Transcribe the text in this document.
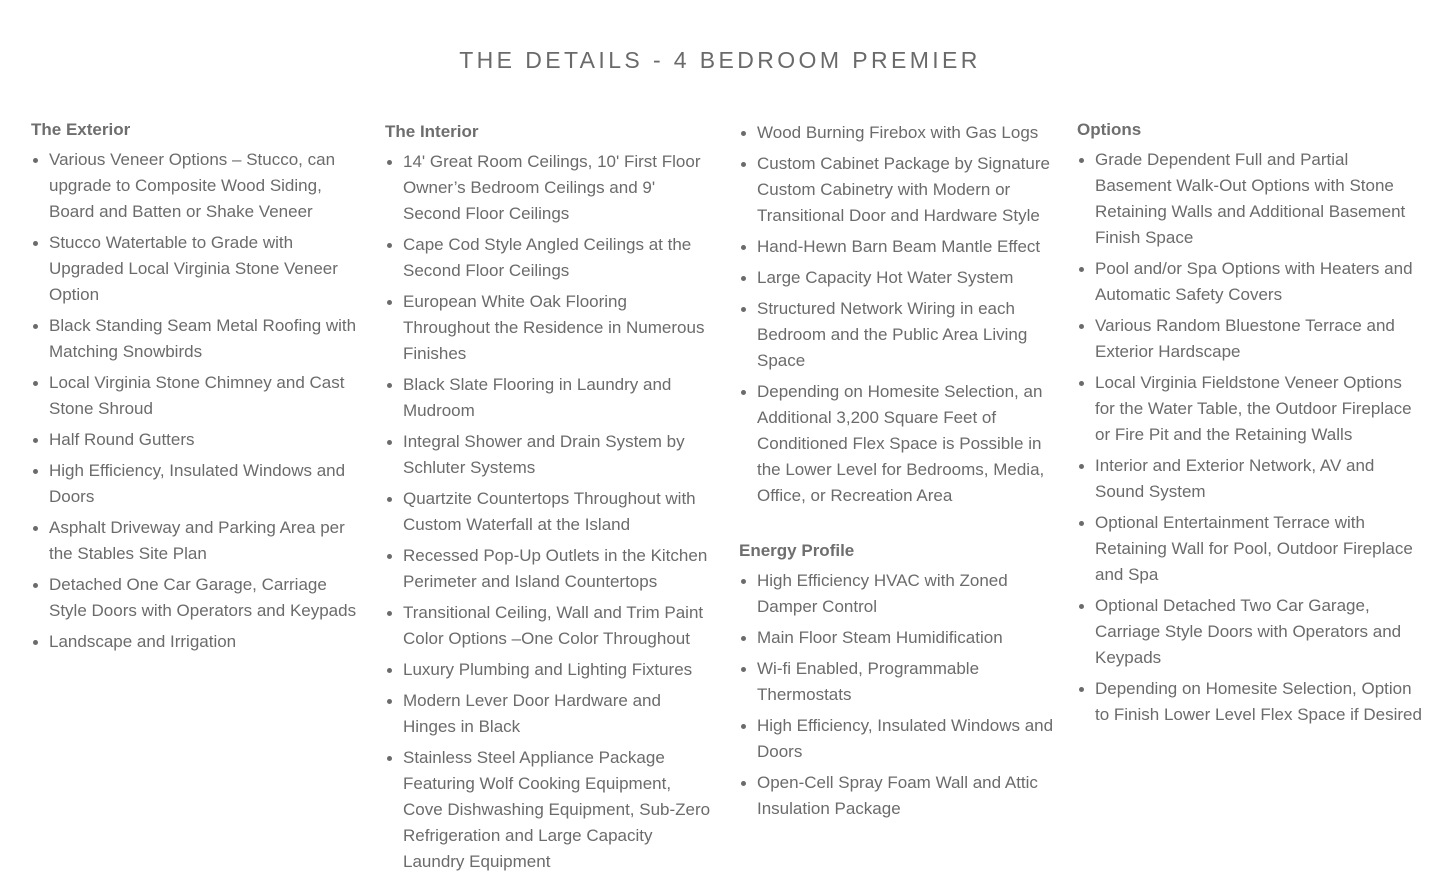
THE DETAILS - 4 BEDROOM PREMIER
The Exterior
Various Veneer Options – Stucco, can upgrade to Composite Wood Siding, Board and Batten or Shake Veneer
Stucco Watertable to Grade with Upgraded Local Virginia Stone Veneer Option
Black Standing Seam Metal Roofing with Matching Snowbirds
Local Virginia Stone Chimney and Cast Stone Shroud
Half Round Gutters
High Efficiency, Insulated Windows and Doors
Asphalt Driveway and Parking Area per the Stables Site Plan
Detached One Car Garage, Carriage Style Doors with Operators and Keypads
Landscape and Irrigation
The Interior
14' Great Room Ceilings, 10' First Floor Owner’s Bedroom Ceilings and 9' Second Floor Ceilings
Cape Cod Style Angled Ceilings at the Second Floor Ceilings
European White Oak Flooring Throughout the Residence in Numerous Finishes
Black Slate Flooring in Laundry and Mudroom
Integral Shower and Drain System by Schluter Systems
Quartzite Countertops Throughout with Custom Waterfall at the Island
Recessed Pop-Up Outlets in the Kitchen Perimeter and Island Countertops
Transitional Ceiling, Wall and Trim Paint Color Options –One Color Throughout
Luxury Plumbing and Lighting Fixtures
Modern Lever Door Hardware and Hinges in Black
Stainless Steel Appliance Package Featuring Wolf Cooking Equipment, Cove Dishwashing Equipment, Sub-Zero Refrigeration and Large Capacity Laundry Equipment
Wood Burning Firebox with Gas Logs
Custom Cabinet Package by Signature Custom Cabinetry with Modern or Transitional Door and Hardware Style
Hand-Hewn Barn Beam Mantle Effect
Large Capacity Hot Water System
Structured Network Wiring in each Bedroom and the Public Area Living Space
Depending on Homesite Selection, an Additional 3,200 Square Feet of Conditioned Flex Space is Possible in the Lower Level for Bedrooms, Media, Office, or Recreation Area
Energy Profile
High Efficiency HVAC with Zoned Damper Control
Main Floor Steam Humidification
Wi-fi Enabled, Programmable Thermostats
High Efficiency, Insulated Windows and Doors
Open-Cell Spray Foam Wall and Attic Insulation Package
Options
Grade Dependent Full and Partial Basement Walk-Out Options with Stone Retaining Walls and Additional Basement Finish Space
Pool and/or Spa Options with Heaters and Automatic Safety Covers
Various Random Bluestone Terrace and Exterior Hardscape
Local Virginia Fieldstone Veneer Options for the Water Table, the Outdoor Fireplace or Fire Pit and the Retaining Walls
Interior and Exterior Network, AV and Sound System
Optional Entertainment Terrace with Retaining Wall for Pool, Outdoor Fireplace and Spa
Optional Detached Two Car Garage, Carriage Style Doors with Operators and Keypads
Depending on Homesite Selection, Option to Finish Lower Level Flex Space if Desired
